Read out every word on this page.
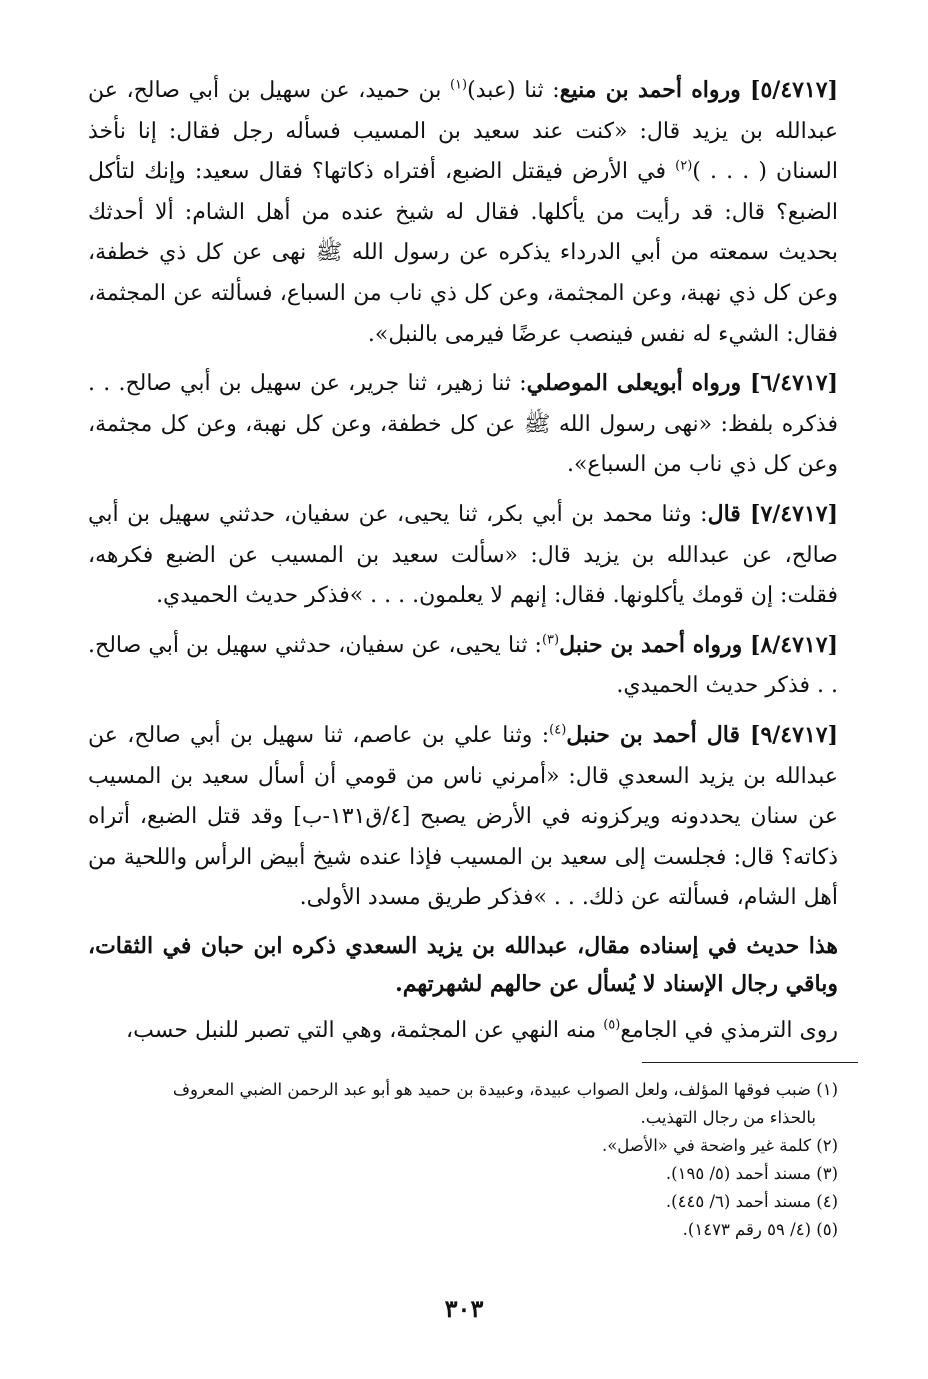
[٥/٤٧١٧] ورواه أحمد بن منيع: ثنا (عبد)$^{(١)}$ بن حميد، عن سهيل بن أبي صالح، عن عبدالله بن يزيد قال: «كنت عند سعيد بن المسيب فسأله رجل فقال: إنا نأخذ السنان ( . . . )$^{(٢)}$ في الأرض فيقتل الضبع، أفتراه ذكاتها؟ فقال سعيد: وإنك لتأكل الضبع؟ قال: قد رأيت من يأكلها. فقال له شيخ عنده من أهل الشام: ألا أحدثك بحديث سمعته من أبي الدرداء يذكره عن رسول الله ﷺ نهى عن كل ذي خطفة، وعن كل ذي نهبة، وعن المجثمة، وعن كل ذي ناب من السباع، فسألته عن المجثمة، فقال: الشيء له نفس فينصب عرضًا فيرمى بالنبل».

[٦/٤٧١٧] ورواه أبويعلى الموصلي: ثنا زهير، ثنا جرير، عن سهيل بن أبي صالح. . . فذكره بلفظ: «نهى رسول الله ﷺ عن كل خطفة، وعن كل نهبة، وعن كل مجثمة، وعن كل ذي ناب من السباع».

[٧/٤٧١٧] قال: وثنا محمد بن أبي بكر، ثنا يحيى، عن سفيان، حدثني سهيل بن أبي صالح، عن عبدالله بن يزيد قال: «سألت سعيد بن المسيب عن الضبع فكرهه، فقلت: إن قومك يأكلونها. فقال: إنهم لا يعلمون. . . . »فذكر حديث الحميدي.

[٨/٤٧١٧] ورواه أحمد بن حنبل$^{(٣)}$: ثنا يحيى، عن سفيان، حدثني سهيل بن أبي صالح. . . فذكر حديث الحميدي.

[٩/٤٧١٧] قال أحمد بن حنبل$^{(٤)}$: وثنا علي بن عاصم، ثنا سهيل بن أبي صالح، عن عبدالله بن يزيد السعدي قال: «أمرني ناس من قومي أن أسأل سعيد بن المسيب عن سنان يحددونه ويركزونه في الأرض يصبح [٤/ق١٣١-ب] وقد قتل الضبع، أتراه ذكاته؟ قال: فجلست إلى سعيد بن المسيب فإذا عنده شيخ أبيض الرأس واللحية من أهل الشام، فسألته عن ذلك. . . »فذكر طريق مسدد الأولى.

هذا حديث في إسناده مقال، عبدالله بن يزيد السعدي ذكره ابن حبان في الثقات، وباقي رجال الإسناد لا يُسأل عن حالهم لشهرتهم.

روى الترمذي في الجامع$^{(٥)}$ منه النهي عن المجثمة، وهي التي تصبر للنبل حسب،

(١) ضبب فوقها المؤلف، ولعل الصواب عبيدة، وعبيدة بن حميد هو أبو عبد الرحمن الضبي المعروف
بالحذاء من رجال التهذيب.

(٢) كلمة غير واضحة في «الأصل».

(٣) مسند أحمد (٥/ ١٩٥).

(٤) مسند أحمد (٦/ ٤٤٥).

(٥) (٤/ ٥٩ رقم ١٤٧٣).

٣٠٣
